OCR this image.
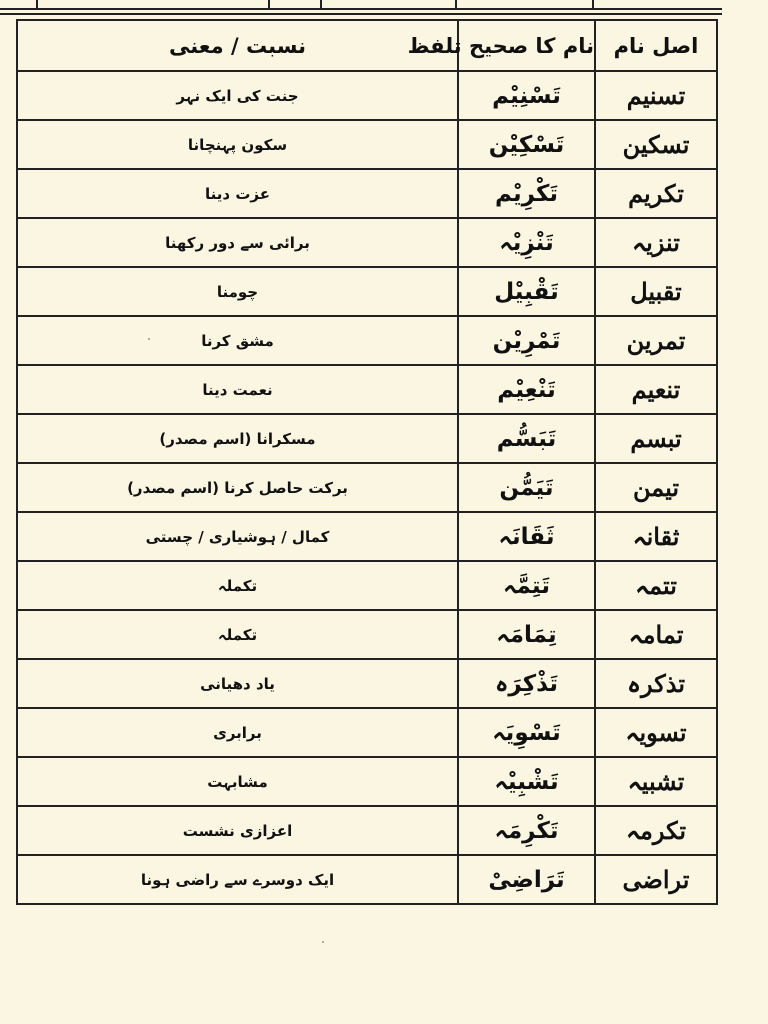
اصل نام	نام کا صحیح تلفظ	نسبت / معنی
تسنیم	تَسْنِیْم	جنت کی ایک نہر
تسکین	تَسْکِیْن	سکون پہنچانا
تکریم	تَکْرِیْم	عزت دینا
تنزیہ	تَنْزِیْہ	برائی سے دور رکھنا
تقبیل	تَقْبِیْل	چومنا
تمرین	تَمْرِیْن	مشق کرنا
تنعیم	تَنْعِیْم	نعمت دینا
تبسم	تَبَسُّم	مسکرانا (اسم مصدر)
تیمن	تَیَمُّن	برکت حاصل کرنا (اسم مصدر)
ثقانہ	ثَقَانَہ	کمال / ہوشیاری / چستی
تتمہ	تَتِمَّہ	تکملہ
تمامہ	تِمَامَہ	تکملہ
تذکرہ	تَذْکِرَہ	یاد دھیانی
تسویہ	تَسْوِیَہ	برابری
تشبیہ	تَشْبِیْہ	مشابہت
تکرمہ	تَکْرِمَہ	اعزازی نشست
تراضی	تَرَاضِیْ	ایک دوسرے سے راضی ہونا
